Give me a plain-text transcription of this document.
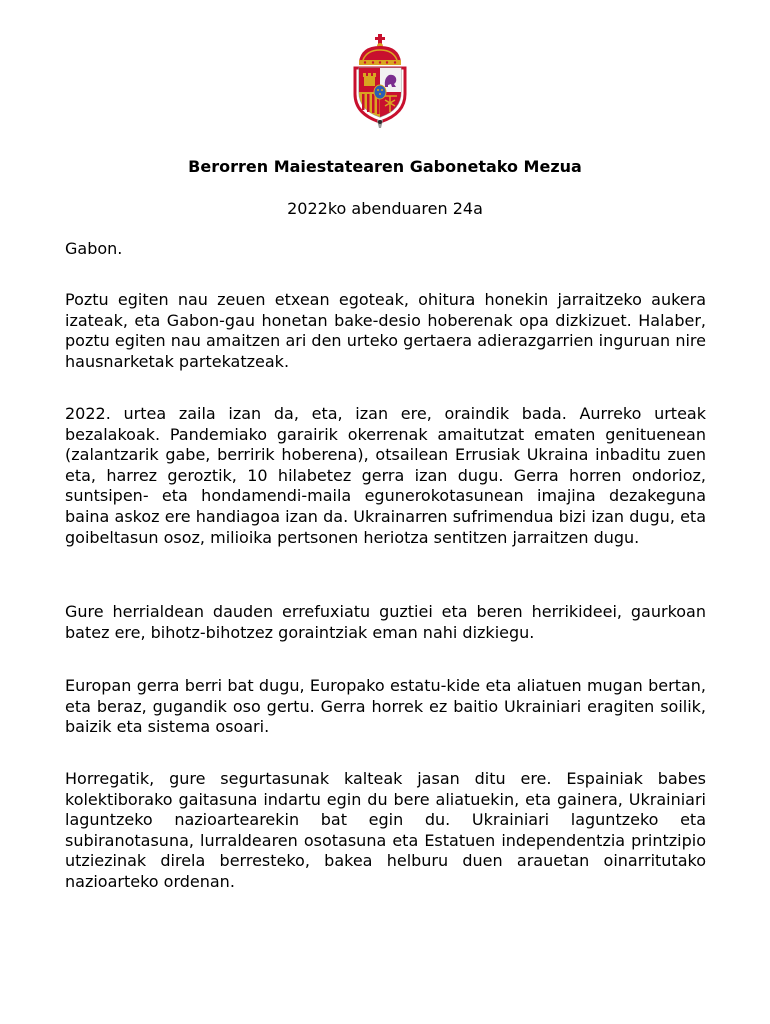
Berorren Maiestatearen Gabonetako Mezua
2022ko abenduaren 24a
Gabon.

Poztu egiten nau zeuen etxean egoteak, ohitura honekin jarraitzeko aukera izateak, eta Gabon-gau honetan bake-desio hoberenak opa dizkizuet. Halaber, poztu egiten nau amaitzen ari den urteko gertaera adierazgarrien inguruan nire hausnarketak partekatzeak.

2022. urtea zaila izan da, eta, izan ere, oraindik bada. Aurreko urteak bezalakoak. Pandemiako garairik okerrenak amaitutzat ematen genituenean (zalantzarik gabe, berririk hoberena), otsailean Errusiak Ukraina inbaditu zuen eta, harrez geroztik, 10 hilabetez gerra izan dugu. Gerra horren ondorioz, suntsipen- eta hondamendi-maila egunerokotasunean imajina dezakeguna baina askoz ere handiagoa izan da. Ukrainarren sufrimendua bizi izan dugu, eta goibeltasun osoz, milioika pertsonen heriotza sentitzen jarraitzen dugu.

Gure herrialdean dauden errefuxiatu guztiei eta beren herrikideei, gaurkoan batez ere, bihotz-bihotzez goraintziak eman nahi dizkiegu.

Europan gerra berri bat dugu, Europako estatu-kide eta aliatuen mugan bertan, eta beraz, gugandik oso gertu. Gerra horrek ez baitio Ukrainiari eragiten soilik, baizik eta sistema osoari.

Horregatik, gure segurtasunak kalteak jasan ditu ere. Espainiak babes kolektiborako gaitasuna indartu egin du bere aliatuekin, eta gainera, Ukrainiari laguntzeko nazioartearekin bat egin du. Ukrainiari laguntzeko eta subiranotasuna, lurraldearen osotasuna eta Estatuen independentzia printzipio utziezinak direla berresteko, bakea helburu duen arauetan oinarritutako nazioarteko ordenan.
